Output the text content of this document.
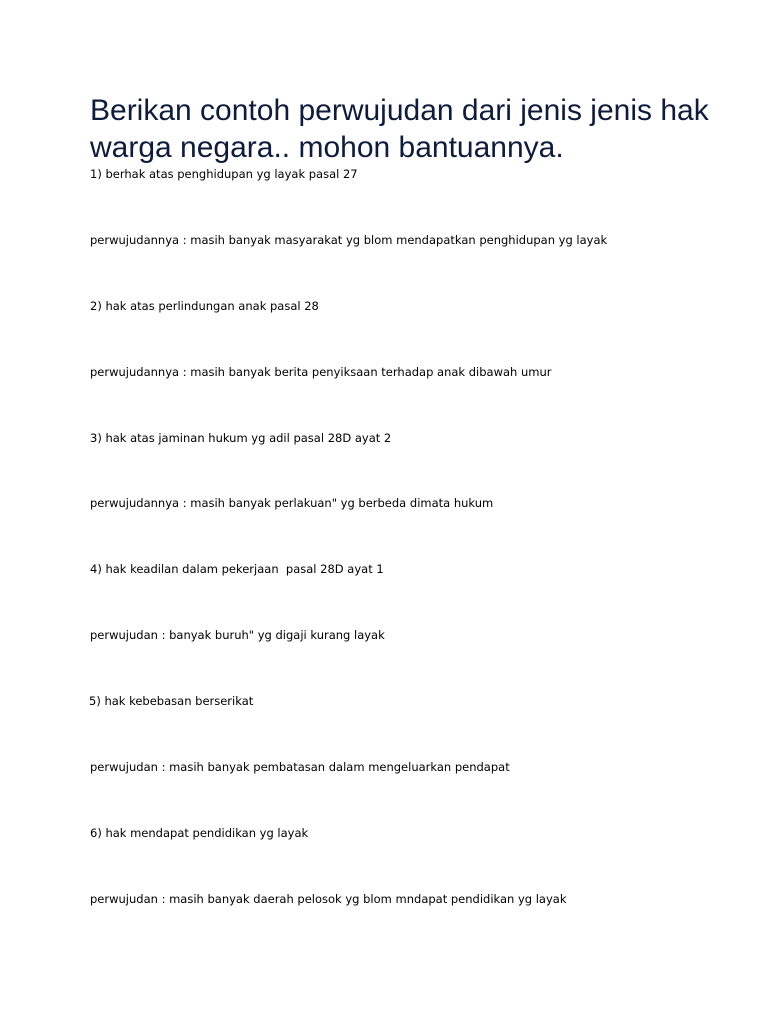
Berikan contoh perwujudan dari jenis jenis hak warga negara.. mohon bantuannya.

1) berhak atas penghidupan yg layak pasal 27

perwujudannya : masih banyak masyarakat yg blom mendapatkan penghidupan yg layak

2) hak atas perlindungan anak pasal 28

perwujudannya : masih banyak berita penyiksaan terhadap anak dibawah umur

3) hak atas jaminan hukum yg adil pasal 28D ayat 2

perwujudannya : masih banyak perlakuan" yg berbeda dimata hukum

4) hak keadilan dalam pekerjaan  pasal 28D ayat 1

perwujudan : banyak buruh" yg digaji kurang layak

5) hak kebebasan berserikat

perwujudan : masih banyak pembatasan dalam mengeluarkan pendapat

6) hak mendapat pendidikan yg layak

perwujudan : masih banyak daerah pelosok yg blom mndapat pendidikan yg layak
